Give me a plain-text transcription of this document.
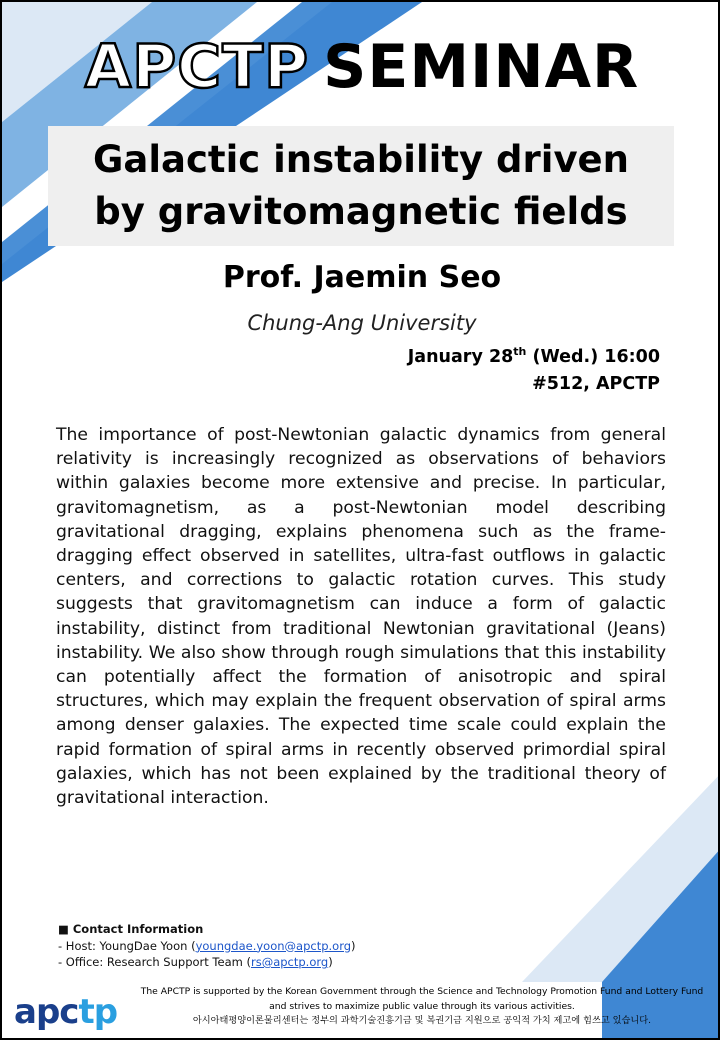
APCTP SEMINAR
Galactic instability driven
by gravitomagnetic fields
Prof. Jaemin Seo
Chung-Ang University
January 28th (Wed.) 16:00
#512, APCTP
The importance of post-Newtonian galactic dynamics from general relativity is increasingly recognized as observations of behaviors within galaxies become more extensive and precise. In particular, gravitomagnetism, as a post-Newtonian model describing gravitational dragging, explains phenomena such as the frame-dragging effect observed in satellites, ultra-fast outflows in galactic centers, and corrections to galactic rotation curves. This study suggests that gravitomagnetism can induce a form of galactic instability, distinct from traditional Newtonian gravitational (Jeans) instability. We also show through rough simulations that this instability can potentially affect the formation of anisotropic and spiral structures, which may explain the frequent observation of spiral arms among denser galaxies. The expected time scale could explain the rapid formation of spiral arms in recently observed primordial spiral galaxies, which has not been explained by the traditional theory of gravitational interaction.
■ Contact Information
- Host: YoungDae Yoon (youngdae.yoon@apctp.org)
- Office: Research Support Team (rs@apctp.org)
apctp
The APCTP is supported by the Korean Government through the Science and Technology Promotion Fund and Lottery Fund
and strives to maximize public value through its various activities.
아시아태평양이론물리센터는 정부의 과학기술진흥기금 및 복권기금 지원으로 공익적 가치 제고에 힘쓰고 있습니다.
